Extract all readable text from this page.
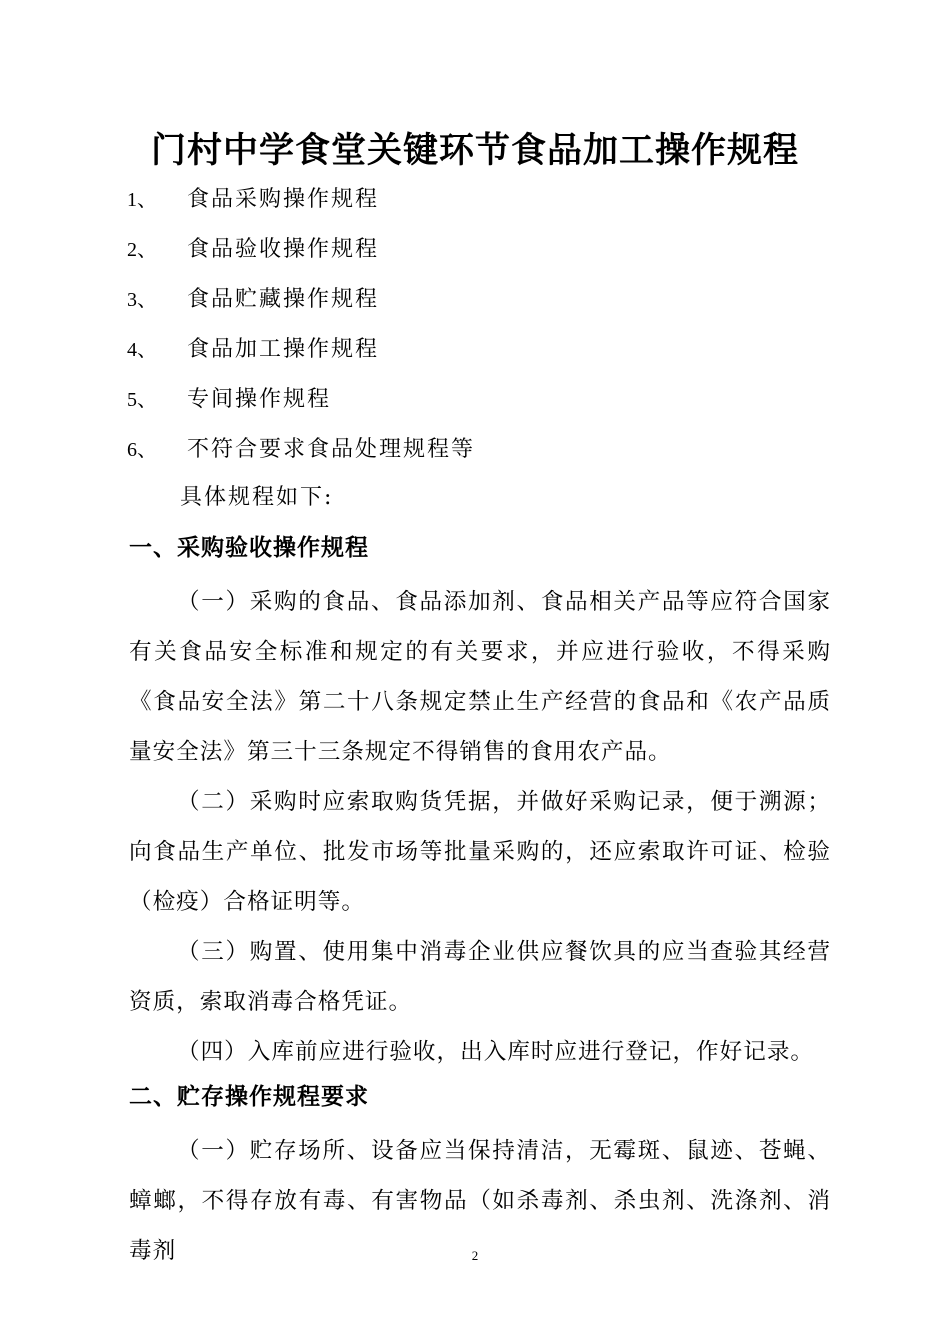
门村中学食堂关键环节食品加工操作规程
1、 食品采购操作规程
2、 食品验收操作规程
3、 食品贮藏操作规程
4、 食品加工操作规程
5、 专间操作规程
6、 不符合要求食品处理规程等
具体规程如下:
一、采购验收操作规程

（一）采购的食品、食品添加剂、食品相关产品等应符合国家有关食品安全标准和规定的有关要求，并应进行验收，不得采购《食品安全法》第二十八条规定禁止生产经营的食品和《农产品质量安全法》第三十三条规定不得销售的食用农产品。

（二）采购时应索取购货凭据，并做好采购记录，便于溯源；向食品生产单位、批发市场等批量采购的，还应索取许可证、检验（检疫）合格证明等。

（三）购置、使用集中消毒企业供应餐饮具的应当查验其经营资质，索取消毒合格凭证。

（四）入库前应进行验收，出入库时应进行登记，作好记录。

二、贮存操作规程要求

（一）贮存场所、设备应当保持清洁，无霉斑、鼠迹、苍蝇、蟑螂，不得存放有毒、有害物品（如杀毒剂、杀虫剂、洗涤剂、消毒剂	2
